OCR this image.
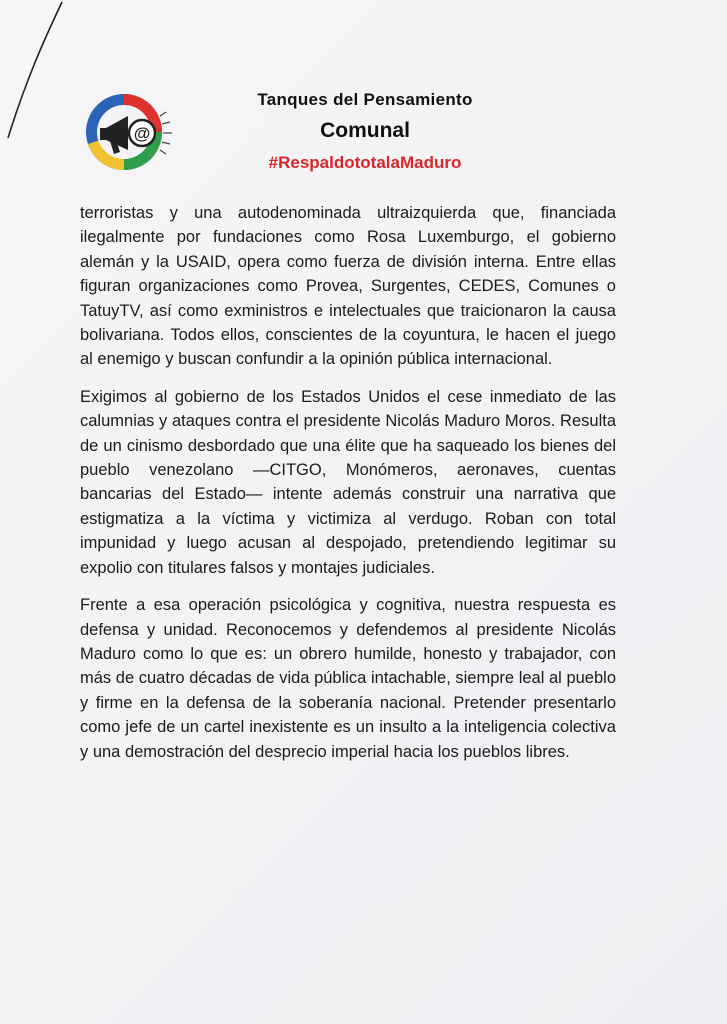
@

Tanques del Pensamiento

Comunal

#RespaldototalaMaduro

terroristas y una autodenominada ultraizquierda que, financiada ilegalmente por fundaciones como Rosa Luxemburgo, el gobierno alemán y la USAID, opera como fuerza de división interna. Entre ellas figuran organizaciones como Provea, Surgentes, CEDES, Comunes o TatuyTV, así como exministros e intelectuales que traicionaron la causa bolivariana. Todos ellos, conscientes de la coyuntura, le hacen el juego al enemigo y buscan confundir a la opinión pública internacional.

Exigimos al gobierno de los Estados Unidos el cese inmediato de las calumnias y ataques contra el presidente Nicolás Maduro Moros. Resulta de un cinismo desbordado que una élite que ha saqueado los bienes del pueblo venezolano —CITGO, Monómeros, aeronaves, cuentas bancarias del Estado— intente además construir una narrativa que estigmatiza a la víctima y victimiza al verdugo. Roban con total impunidad y luego acusan al despojado, pretendiendo legitimar su expolio con titulares falsos y montajes judiciales.

Frente a esa operación psicológica y cognitiva, nuestra respuesta es defensa y unidad. Reconocemos y defendemos al presidente Nicolás Maduro como lo que es: un obrero humilde, honesto y trabajador, con más de cuatro décadas de vida pública intachable, siempre leal al pueblo y firme en la defensa de la soberanía nacional. Pretender presentarlo como jefe de un cartel inexistente es un insulto a la inteligencia colectiva y una demostración del desprecio imperial hacia los pueblos libres.
